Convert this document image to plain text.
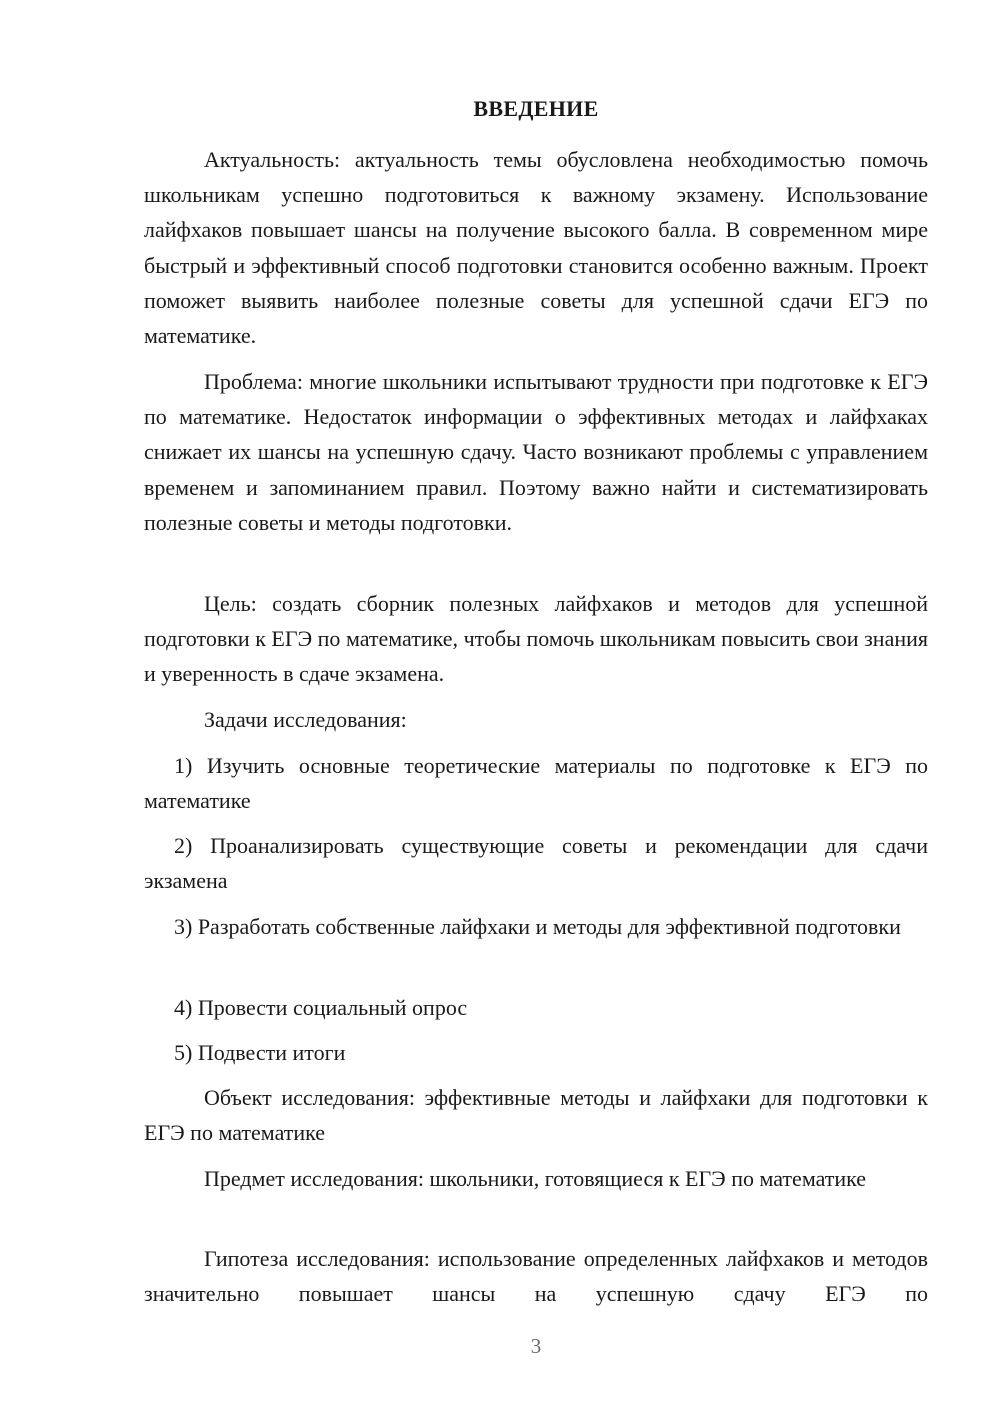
ВВЕДЕНИЕ

Актуальность: актуальность темы обусловлена необходимостью помочь школьникам успешно подготовиться к важному экзамену. Использование лайфхаков повышает шансы на получение высокого балла. В современном мире быстрый и эффективный способ подготовки становится особенно важным. Проект поможет выявить наиболее полезные советы для успешной сдачи ЕГЭ по математике.

Проблема: многие школьники испытывают трудности при подготовке к ЕГЭ по математике. Недостаток информации о эффективных методах и лайфхаках снижает их шансы на успешную сдачу. Часто возникают проблемы с управлением временем и запоминанием правил. Поэтому важно найти и систематизировать полезные советы и методы подготовки.

Цель: создать сборник полезных лайфхаков и методов для успешной подготовки к ЕГЭ по математике, чтобы помочь школьникам повысить свои знания и уверенность в сдаче экзамена.

Задачи исследования:

1) Изучить основные теоретические материалы по подготовке к ЕГЭ по математике

2) Проанализировать существующие советы и рекомендации для сдачи экзамена

3) Разработать собственные лайфхаки и методы для эффективной подготовки

4) Провести социальный опрос

5) Подвести итоги

Объект исследования: эффективные методы и лайфхаки для подготовки к ЕГЭ по математике

Предмет исследования: школьники, готовящиеся к ЕГЭ по математике

Гипотеза исследования: использование определенных лайфхаков и методов значительно повышает шансы на успешную сдачу ЕГЭ по

3
